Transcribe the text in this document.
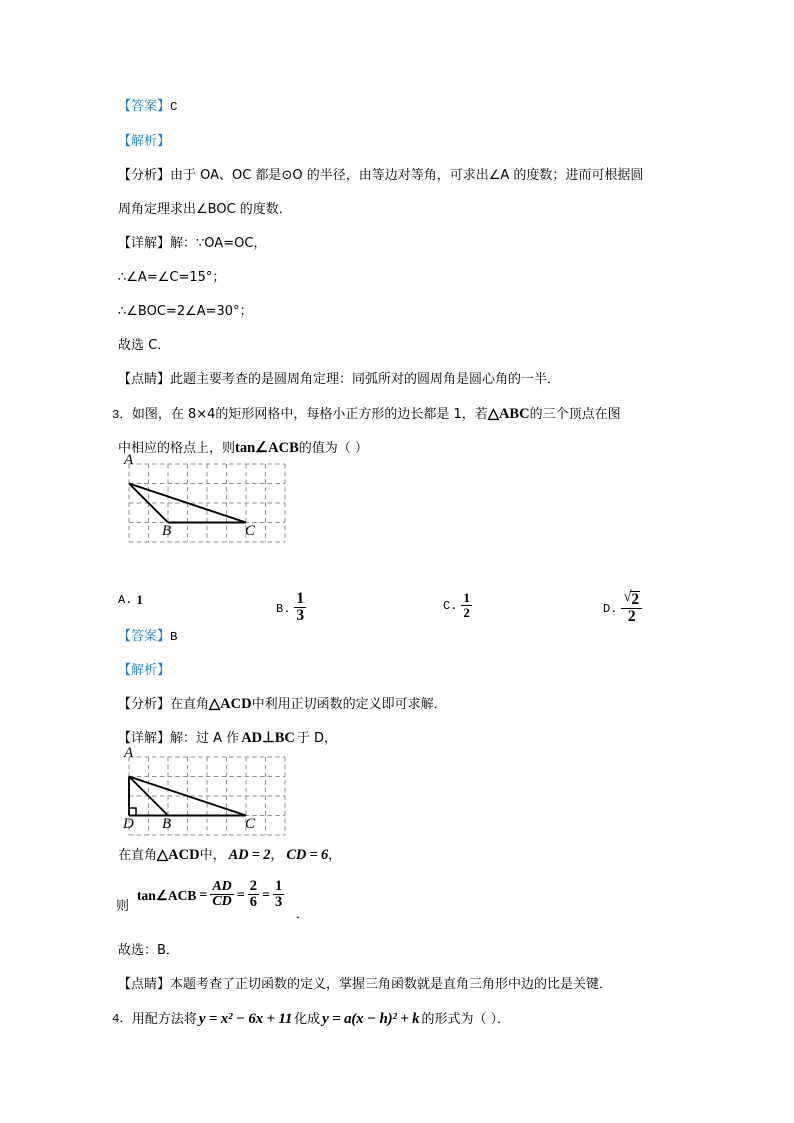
【答案】C
【解析】
【分析】由于 OA、OC 都是⊙O 的半径，由等边对等角，可求出∠A 的度数；进而可根据圆
周角定理求出∠BOC 的度数．
【详解】解：∵OA=OC，
∴∠A=∠C=15°；
∴∠BOC=2∠A=30°；
故选 C．
【点睛】此题主要考查的是圆周角定理：同弧所对的圆周角是圆心角的一半．
3．如图，在 8×4的矩形网格中，每格小正方形的边长都是 1，若△ABC的三个顶点在图
中相应的格点上，则tan∠ACB的值为（ ）
A
B	C
A. 1
B. $\frac{1}{3}$	C. $\frac{1}{2}$	D. √ $\frac{2}{2}$
【答案】B
【解析】
【分析】在直角△ACD中利用正切函数的定义即可求解．
【详解】解：过 A 作 AD⊥BC 于 D，
A
D B	C
在直角△ACD中， AD = 2， CD = 6，
则
tan∠ACB = $\frac{AD}{CD} = \frac{2}{6} = \frac{1}{3}$
．
故选：B．
【点睛】本题考查了正切函数的定义，掌握三角函数就是直角三角形中边的比是关键．
4． 用配方法将 y = x² − 6x + 11 化成 y = a(x − h)² + k 的形式为（ ）．
